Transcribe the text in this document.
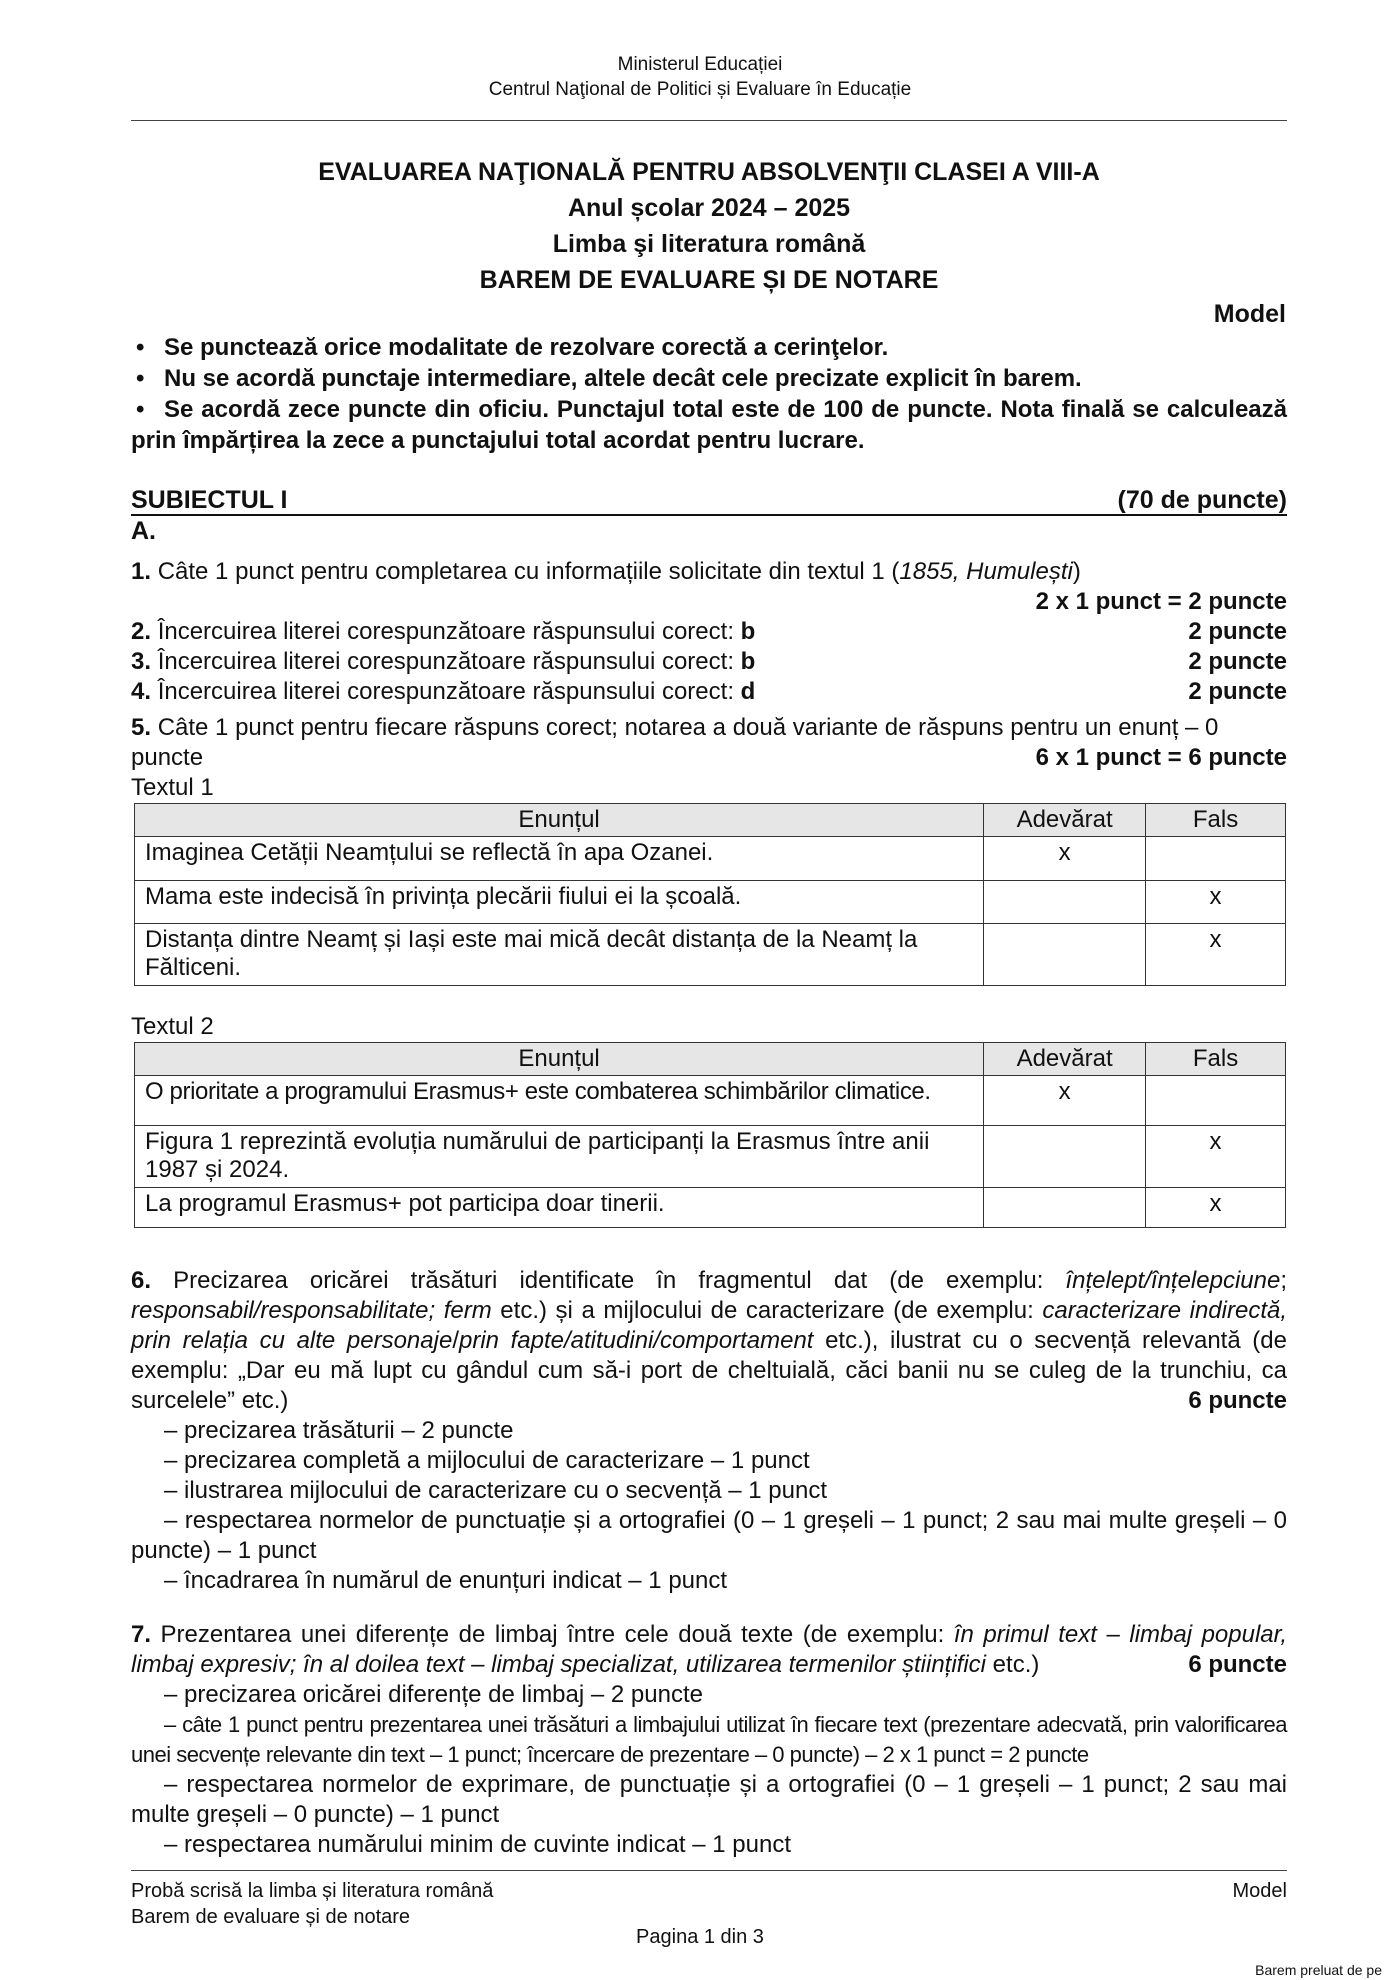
Ministerul Educației
Centrul Naţional de Politici și Evaluare în Educație
EVALUAREA NAŢIONALĂ PENTRU ABSOLVENŢII CLASEI A VIII-A
Anul școlar 2024 – 2025
Limba şi literatura română
BAREM DE EVALUARE ȘI DE NOTARE
Model
• Se punctează orice modalitate de rezolvare corectă a cerinţelor.
• Nu se acordă punctaje intermediare, altele decât cele precizate explicit în barem.
• Se acordă zece puncte din oficiu. Punctajul total este de 100 de puncte. Nota finală se calculează prin împărțirea la zece a punctajului total acordat pentru lucrare.
SUBIECTUL I	(70 de puncte)
A.
1. Câte 1 punct pentru completarea cu informațiile solicitate din textul 1 (1855, Humulești)
2 x 1 punct = 2 puncte
2. Încercuirea literei corespunzătoare răspunsului corect: b	2 puncte
3. Încercuirea literei corespunzătoare răspunsului corect: b	2 puncte
4. Încercuirea literei corespunzătoare răspunsului corect: d	2 puncte
5. Câte 1 punct pentru fiecare răspuns corect; notarea a două variante de răspuns pentru un enunț – 0
puncte	6 x 1 punct = 6 puncte
Textul 1
Enunțul	Adevărat	Fals
Imaginea Cetății Neamțului se reflectă în apa Ozanei.	x	
Mama este indecisă în privința plecării fiului ei la școală.		x
Distanța dintre Neamț și Iași este mai mică decât distanța de la Neamț la Fălticeni.		x
Textul 2
Enunțul	Adevărat	Fals
O prioritate a programului Erasmus+ este combaterea schimbărilor climatice.	x	
Figura 1 reprezintă evoluția numărului de participanți la Erasmus între anii 1987 și 2024.		x
La programul Erasmus+ pot participa doar tinerii.		x
6. Precizarea oricărei trăsături identificate în fragmentul dat (de exemplu: înțelept/înțelepciune; responsabil/responsabilitate; ferm etc.) și a mijlocului de caracterizare (de exemplu: caracterizare indirectă, prin relația cu alte personaje/prin fapte/atitudini/comportament etc.), ilustrat cu o secvență relevantă (de exemplu: „Dar eu mă lupt cu gândul cum să-i port de cheltuială, căci banii nu se culeg de la trunchiu, ca surcelele” etc.)	6 puncte
– precizarea trăsăturii – 2 puncte
– precizarea completă a mijlocului de caracterizare – 1 punct
– ilustrarea mijlocului de caracterizare cu o secvență – 1 punct
– respectarea normelor de punctuație și a ortografiei (0 – 1 greșeli – 1 punct; 2 sau mai multe greșeli – 0 puncte) – 1 punct
– încadrarea în numărul de enunțuri indicat – 1 punct
7. Prezentarea unei diferențe de limbaj între cele două texte (de exemplu: în primul text – limbaj popular, limbaj expresiv; în al doilea text – limbaj specializat, utilizarea termenilor științifici etc.)	6 puncte
– precizarea oricărei diferențe de limbaj – 2 puncte
– câte 1 punct pentru prezentarea unei trăsături a limbajului utilizat în fiecare text (prezentare adecvată, prin valorificarea unei secvențe relevante din text – 1 punct; încercare de prezentare – 0 puncte) – 2 x 1 punct = 2 puncte
– respectarea normelor de exprimare, de punctuație și a ortografiei (0 – 1 greșeli – 1 punct; 2 sau mai multe greșeli – 0 puncte) – 1 punct
– respectarea numărului minim de cuvinte indicat – 1 punct
Probă scrisă la limba și literatura română
Barem de evaluare și de notare
Model
Pagina 1 din 3
Barem preluat de pe
